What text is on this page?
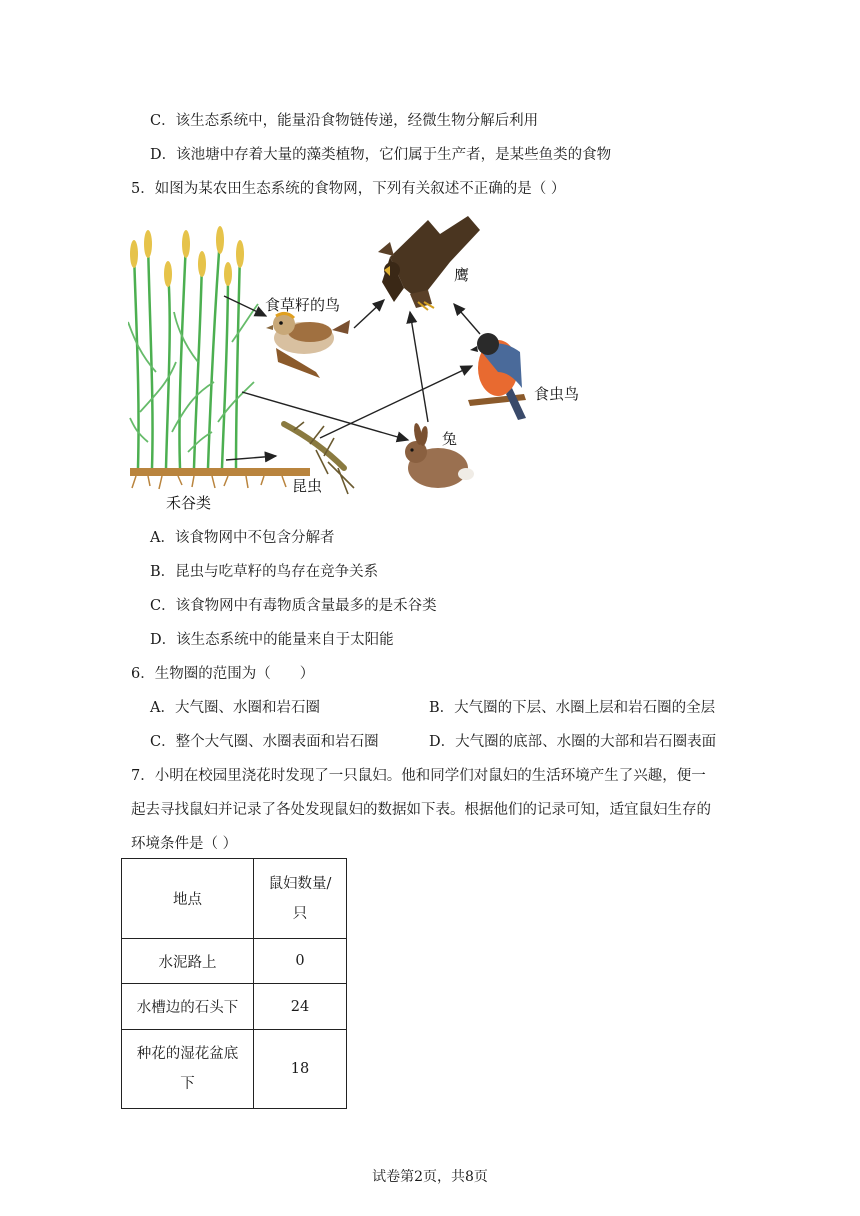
C．该生态系统中，能量沿食物链传递，经微生物分解后利用
D．该池塘中存着大量的藻类植物，它们属于生产者，是某些鱼类的食物
5．如图为某农田生态系统的食物网，下列有关叙述不正确的是（ ）
鹰
食草籽的鸟
食虫鸟
兔
昆虫
禾谷类
A．该食物网中不包含分解者
B．昆虫与吃草籽的鸟存在竞争关系
C．该食物网中有毒物质含量最多的是禾谷类
D．该生态系统中的能量来自于太阳能
6．生物圈的范围为（　　）
A．大气圈、水圈和岩石圈	B．大气圈的下层、水圈上层和岩石圈的全层
C．整个大气圈、水圈表面和岩石圈	D．大气圈的底部、水圈的大部和岩石圈表面
7．小明在校园里浇花时发现了一只鼠妇。他和同学们对鼠妇的生活环境产生了兴趣，便一
起去寻找鼠妇并记录了各处发现鼠妇的数据如下表。根据他们的记录可知，适宜鼠妇生存的
环境条件是（ ）
地点	鼠妇数量/
只
水泥路上	0
水槽边的石头下	24
种花的湿花盆底
下	18
试卷第2页，共8页
